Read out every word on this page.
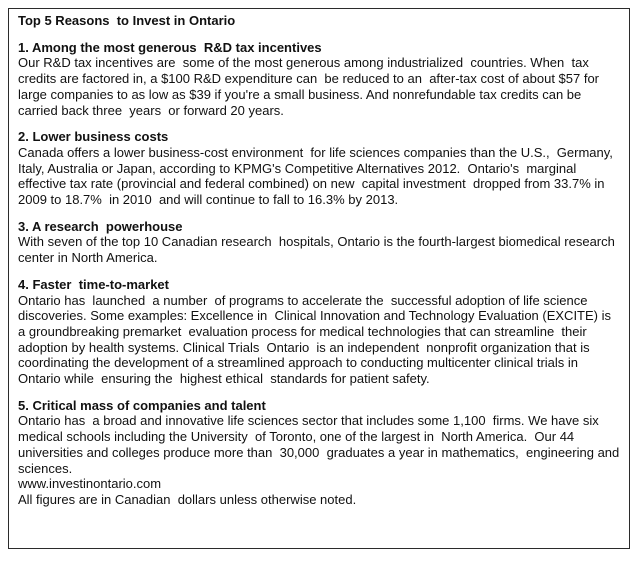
Top 5 Reasons  to Invest in Ontario
1. Among the most generous  R&D tax incentives

Our R&D tax incentives are  some of the most generous among industrialized  countries. When  tax credits are factored in, a $100 R&D expenditure can  be reduced to an  after-tax cost of about $57 for large companies to as low as $39 if you're a small business. And nonrefundable tax credits can be carried back three  years  or forward 20 years.

2. Lower business costs

Canada offers a lower business-cost environment  for life sciences companies than the U.S.,  Germany, Italy, Australia or Japan, according to KPMG's Competitive Alternatives 2012.  Ontario's  marginal effective tax rate (provincial and federal combined) on new  capital investment  dropped from 33.7% in 2009 to 18.7%  in 2010  and will continue to fall to 16.3% by 2013.

3. A research  powerhouse

With seven of the top 10 Canadian research  hospitals, Ontario is the fourth-largest biomedical research  center in North America.

4. Faster  time-to-market

Ontario has  launched  a number  of programs to accelerate the  successful adoption of life science discoveries. Some examples: Excellence in  Clinical Innovation and Technology Evaluation (EXCITE) is a groundbreaking premarket  evaluation process for medical technologies that can streamline  their adoption by health systems. Clinical Trials  Ontario  is an independent  nonprofit organization that is coordinating the development of a streamlined approach to conducting multicenter clinical trials in Ontario while  ensuring the  highest ethical  standards for patient safety.

5. Critical mass of companies and talent

Ontario has  a broad and innovative life sciences sector that includes some 1,100  firms. We have six medical schools including the University  of Toronto, one of the largest in  North America.  Our 44 universities and colleges produce more than  30,000  graduates a year in mathematics,  engineering and sciences.

www.investinontario.com

All figures are in Canadian  dollars unless otherwise noted.
